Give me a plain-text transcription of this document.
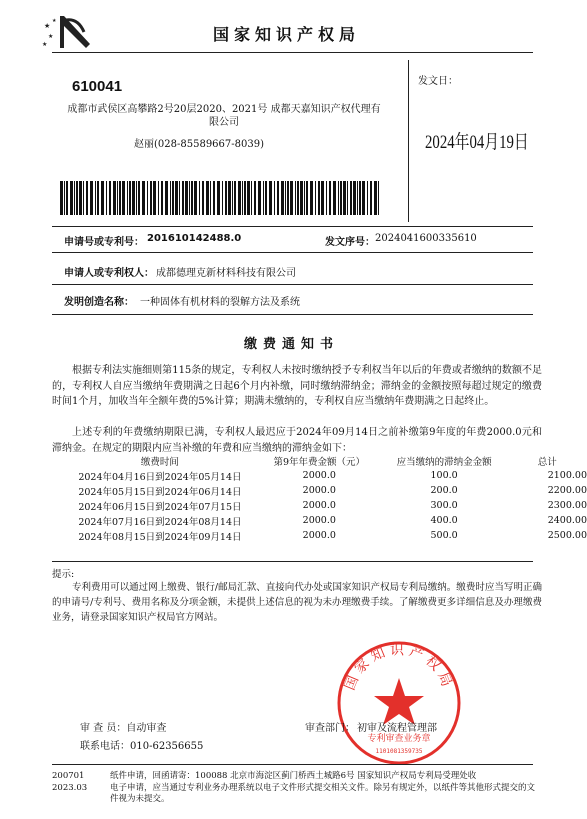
★
★
★
★
国家知识产权局
610041
成都市武侯区高攀路2号20层2020、2021号 成都天嘉知识产权代理有限公司
赵丽(028-85589667-8039)
发文日：
2024年04月19日
申请号或专利号： 201610142488.0	发文序号： 2024041600335610
申请人或专利权人： 成都德理克新材料科技有限公司
发明创造名称： 一种固体有机材料的裂解方法及系统
缴费通知书
根据专利法实施细则第115条的规定，专利权人未按时缴纳授予专利权当年以后的年费或者缴纳的数额不足的，专利权人自应当缴纳年费期满之日起6个月内补缴，同时缴纳滞纳金；滞纳金的金额按照每超过规定的缴费时间1个月，加收当年全额年费的5%计算；期满未缴纳的，专利权自应当缴纳年费期满之日起终止。
上述专利的年费缴纳期限已满，专利权人最迟应于2024年09月14日之前补缴第9年度的年费2000.0元和滞纳金。在规定的期限内应当补缴的年费和应当缴纳的滞纳金如下：
缴费时间	第9年年费金额（元）	应当缴纳的滞纳金金额	总计
2024年04月16日到2024年05月14日	2000.0	100.0	2100.00
2024年05月15日到2024年06月14日	2000.0	200.0	2200.00
2024年06月15日到2024年07月15日	2000.0	300.0	2300.00
2024年07月16日到2024年08月14日	2000.0	400.0	2400.00
2024年08月15日到2024年09月14日	2000.0	500.0	2500.00
提示:
专利费用可以通过网上缴费、银行/邮局汇款、直接向代办处或国家知识产权局专利局缴纳。缴费时应当写明正确的申请号/专利号、费用名称及分项金额，未提供上述信息的视为未办理缴费手续。了解缴费更多详细信息及办理缴费业务，请登录国家知识产权局官方网站。
国家知识产权局
专利审查业务章
1101081359735
审 查 员：自动审查
联系电话：010-62356655
审查部门： 初审及流程管理部
200701
2023.03
纸件申请，回函请寄：100088 北京市海淀区蓟门桥西土城路6号 国家知识产权局专利局受理处收
电子申请，应当通过专利业务办理系统以电子文件形式提交相关文件。除另有规定外，以纸件等其他形式提交的文件视为未提交。
